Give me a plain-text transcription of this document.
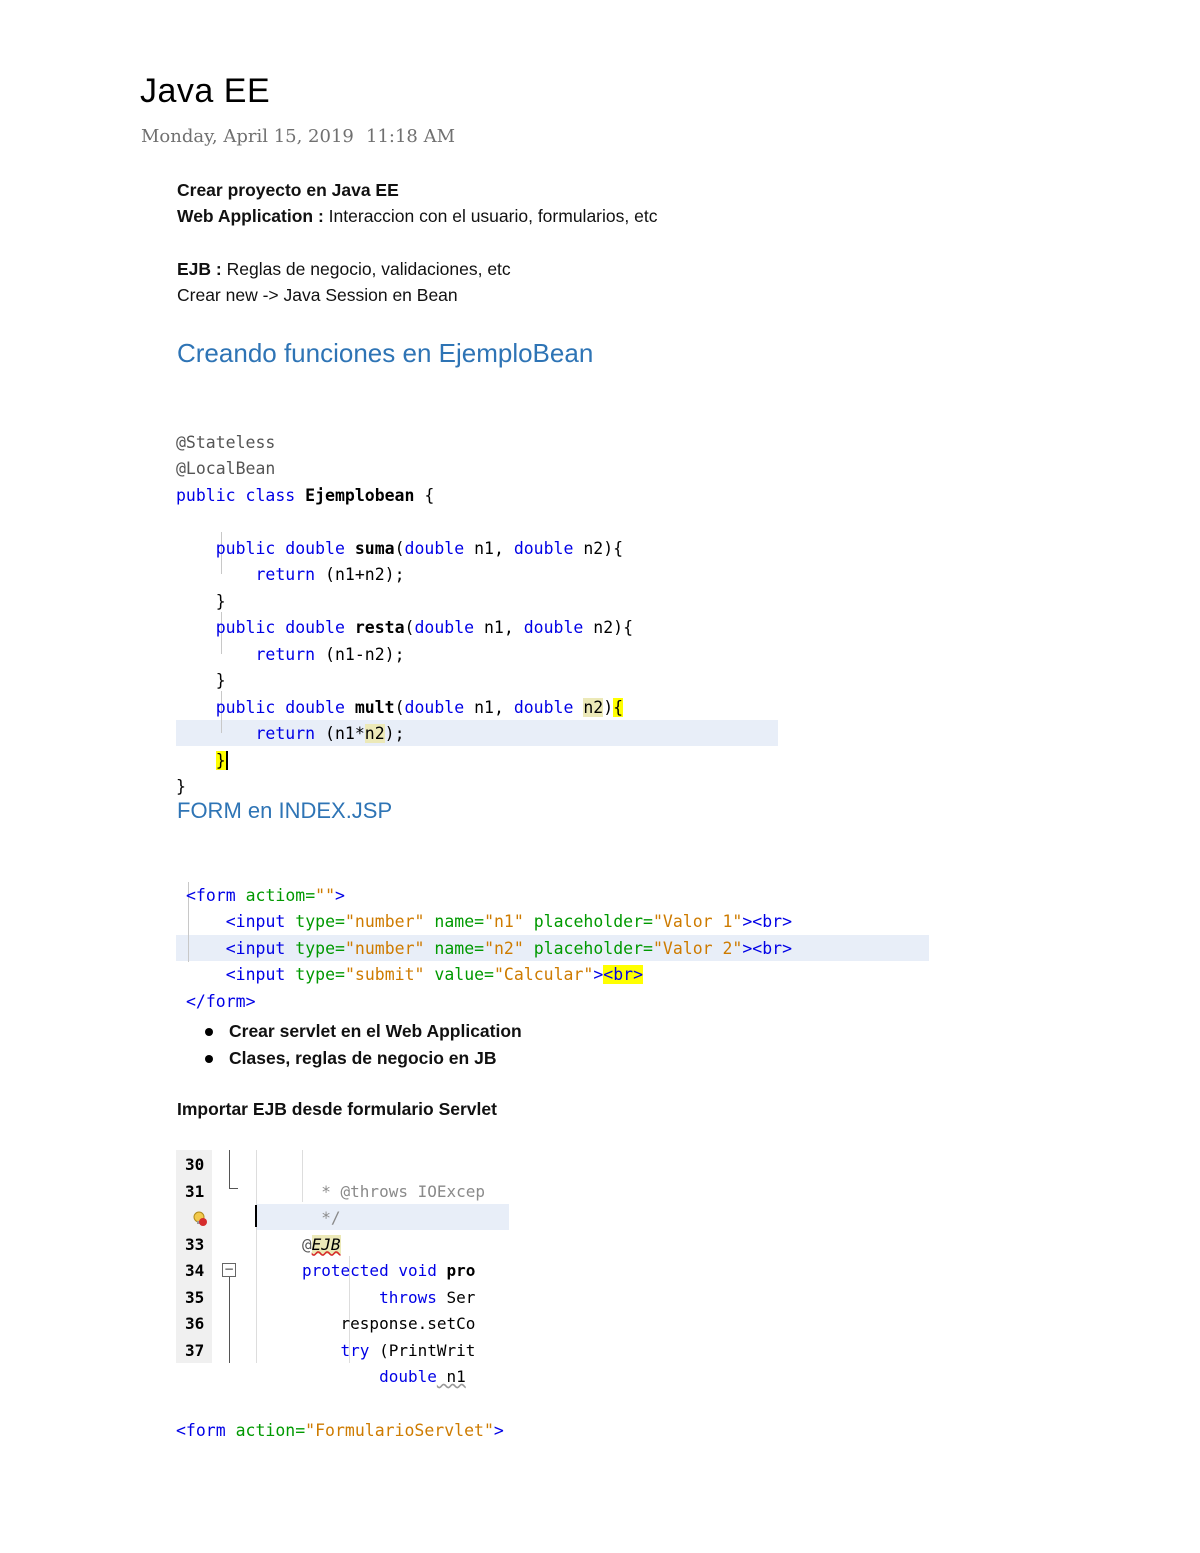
Java EE
Monday, April 15, 2019 11:18 AM
Crear proyecto en Java EE
Web Application : Interaccion con el usuario, formularios, etc
EJB : Reglas de negocio, validaciones, etc
Crear new -> Java Session en Bean
Creando funciones en EjemploBean

@Stateless
@LocalBean
public class Ejemplobean {

public double suma(double n1, double n2){
return (n1+n2);
}
public double resta(double n1, double n2){
return (n1-n2);
}
public double mult(double n1, double n2){
return (n1*n2);
}
}

FORM en INDEX.JSP

<form actiom="">
<input type="number" name="n1" placeholder="Valor 1"><br>
<input type="number" name="n2" placeholder="Valor 2"><br>
<input type="submit" value="Calcular"><br>
</form>

Crear servlet en el Web Application
Clases, reglas de negocio en JB
Importar EJB desde formulario Servlet
30
31
33
34
35
36
37
−

* @throws IOExcep
*/
@EJB
protected void pro
throws Ser
response.setCo
try (PrintWrit
double n1

<form action="FormularioServlet">
